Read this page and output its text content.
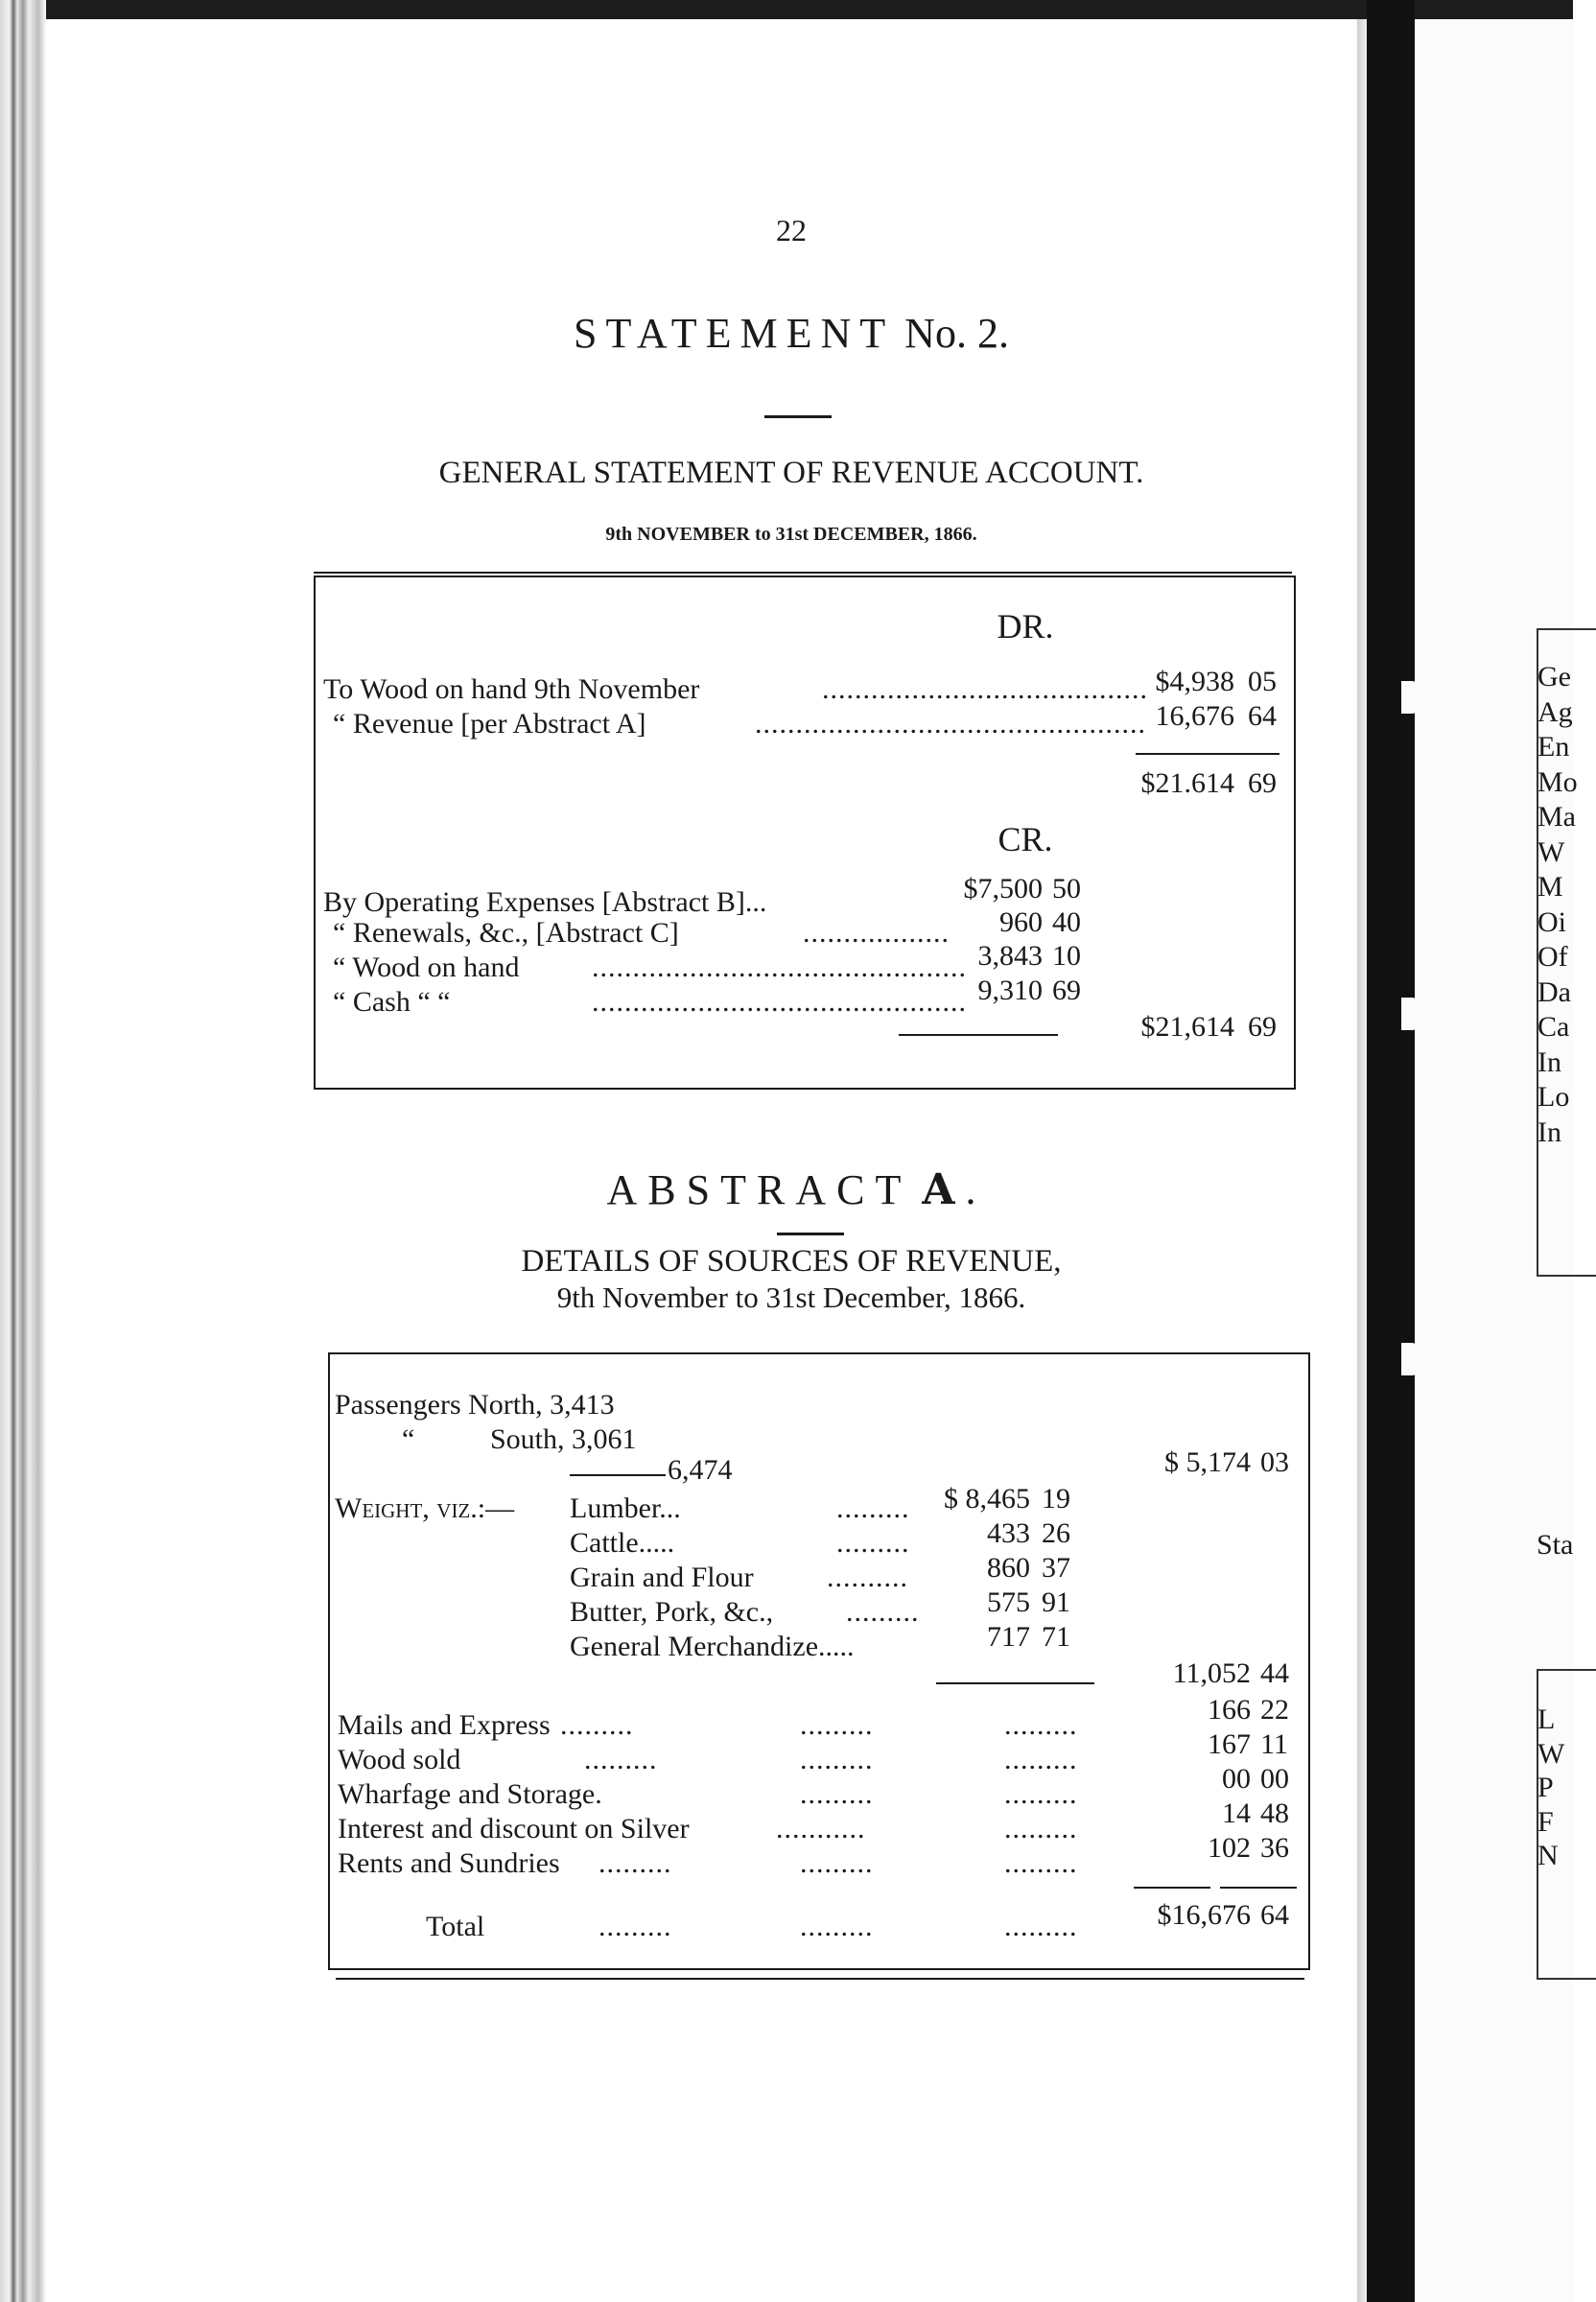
Ge
Ag
En
Mo
Ma
W
M
Oi
Of
Da
Ca
In
Lo
In
Sta
L
W
P
F
N
22
STATEMENT No. 2.
GENERAL STATEMENT OF REVENUE ACCOUNT.
9th NOVEMBER to 31st DECEMBER, 1866.
DR.
To Wood on hand 9th November	........................................ $4,938 05
“ Revenue [per Abstract A]	................................................ 16,676 64
$21.614 69
CR.
By Operating Expenses [Abstract B]...	$7,500 50
“ Renewals, &c., [Abstract C]	..................	960 40
“ Wood on hand	.............................................. 3,843 10
“ Cash “ “	.............................................. 9,310 69
$21,614 69
ABSTRACT A .
DETAILS OF SOURCES OF REVENUE,
9th November to 31st December, 1866.
Passengers North, 3,413
“	South, 3,061
6,474	$ 5,174 03
Weight, viz.:— Lumber...	.........	$ 8,465 19
Cattle.....	.........	433 26
Grain and Flour	..........	860 37
Butter, Pork, &c.,	.........	575 91
General Merchandize.....	717 71
11,052 44
Mails and Express .........	.........	.........	166 22
Wood sold	.........	.........	.........	167 11
Wharfage and Storage.	.........	.........	00 00
Interest and discount on Silver	...........	.........	14 48
Rents and Sundries .........	.........	.........	102 36
Total	.........	.........	.........	$16,676 64
